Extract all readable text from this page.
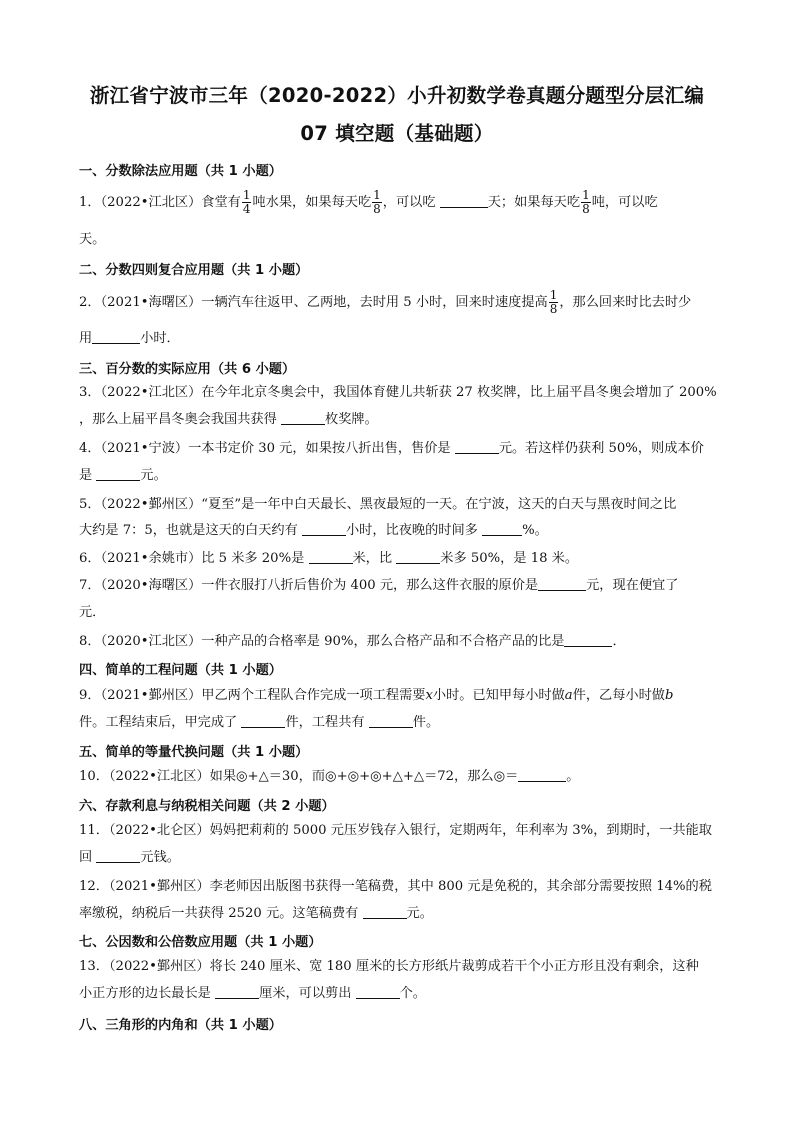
浙江省宁波市三年（2020-2022）小升初数学卷真题分题型分层汇编
07 填空题（基础题）
一、分数除法应用题（共 1 小题）
1．（2022•江北区）食堂有 $\frac{1}{4}$ 吨水果，如果每天吃 $\frac{1}{8}$ ，可以吃	天；如果每天吃 $\frac{1}{8}$ 吨，可以吃
天。
二、分数四则复合应用题（共 1 小题）
2．（2021•海曙区）一辆汽车往返甲、乙两地，去时用 5 小时，回来时速度提高 $\frac{1}{8}$ ，那么回来时比去时少
用	小时．
三、百分数的实际应用（共 6 小题）
3．（2022•江北区）在今年北京冬奥会中，我国体育健儿共斩获 27 枚奖牌，比上届平昌冬奥会增加了 200%
，那么上届平昌冬奥会我国共获得	枚奖牌。
4．（2021•宁波）一本书定价 30 元，如果按八折出售，售价是	元。若这样仍获利 50%，则成本价
是	元。
5．（2022•鄞州区）“夏至”是一年中白天最长、黑夜最短的一天。在宁波，这天的白天与黑夜时间之比
大约是 7：5，也就是这天的白天约有	小时，比夜晚的时间多	%。
6．（2021•余姚市）比 5 米多 20%是	米，比	米多 50%，是 18 米。
7．（2020•海曙区）一件衣服打八折后售价为 400 元，那么这件衣服的原价是	元，现在便宜了
元．
8．（2020•江北区）一种产品的合格率是 90%，那么合格产品和不合格产品的比是	．
四、简单的工程问题（共 1 小题）
9．（2021•鄞州区）甲乙两个工程队合作完成一项工程需要x小时。已知甲每小时做a件，乙每小时做b
件。工程结束后，甲完成了	件，工程共有	件。
五、简单的等量代换问题（共 1 小题）
10．（2022•江北区）如果◎+△＝30，而◎+◎+◎+△+△＝72，那么◎＝	。
六、存款利息与纳税相关问题（共 2 小题）
11．（2022•北仑区）妈妈把莉莉的 5000 元压岁钱存入银行，定期两年，年利率为 3%，到期时，一共能取
回	元钱。
12．（2021•鄞州区）李老师因出版图书获得一笔稿费，其中 800 元是免税的，其余部分需要按照 14%的税
率缴税，纳税后一共获得 2520 元。这笔稿费有	元。
七、公因数和公倍数应用题（共 1 小题）
13．（2022•鄞州区）将长 240 厘米、宽 180 厘米的长方形纸片裁剪成若干个小正方形且没有剩余，这种
小正方形的边长最长是	厘米，可以剪出	个。
八、三角形的内角和（共 1 小题）
